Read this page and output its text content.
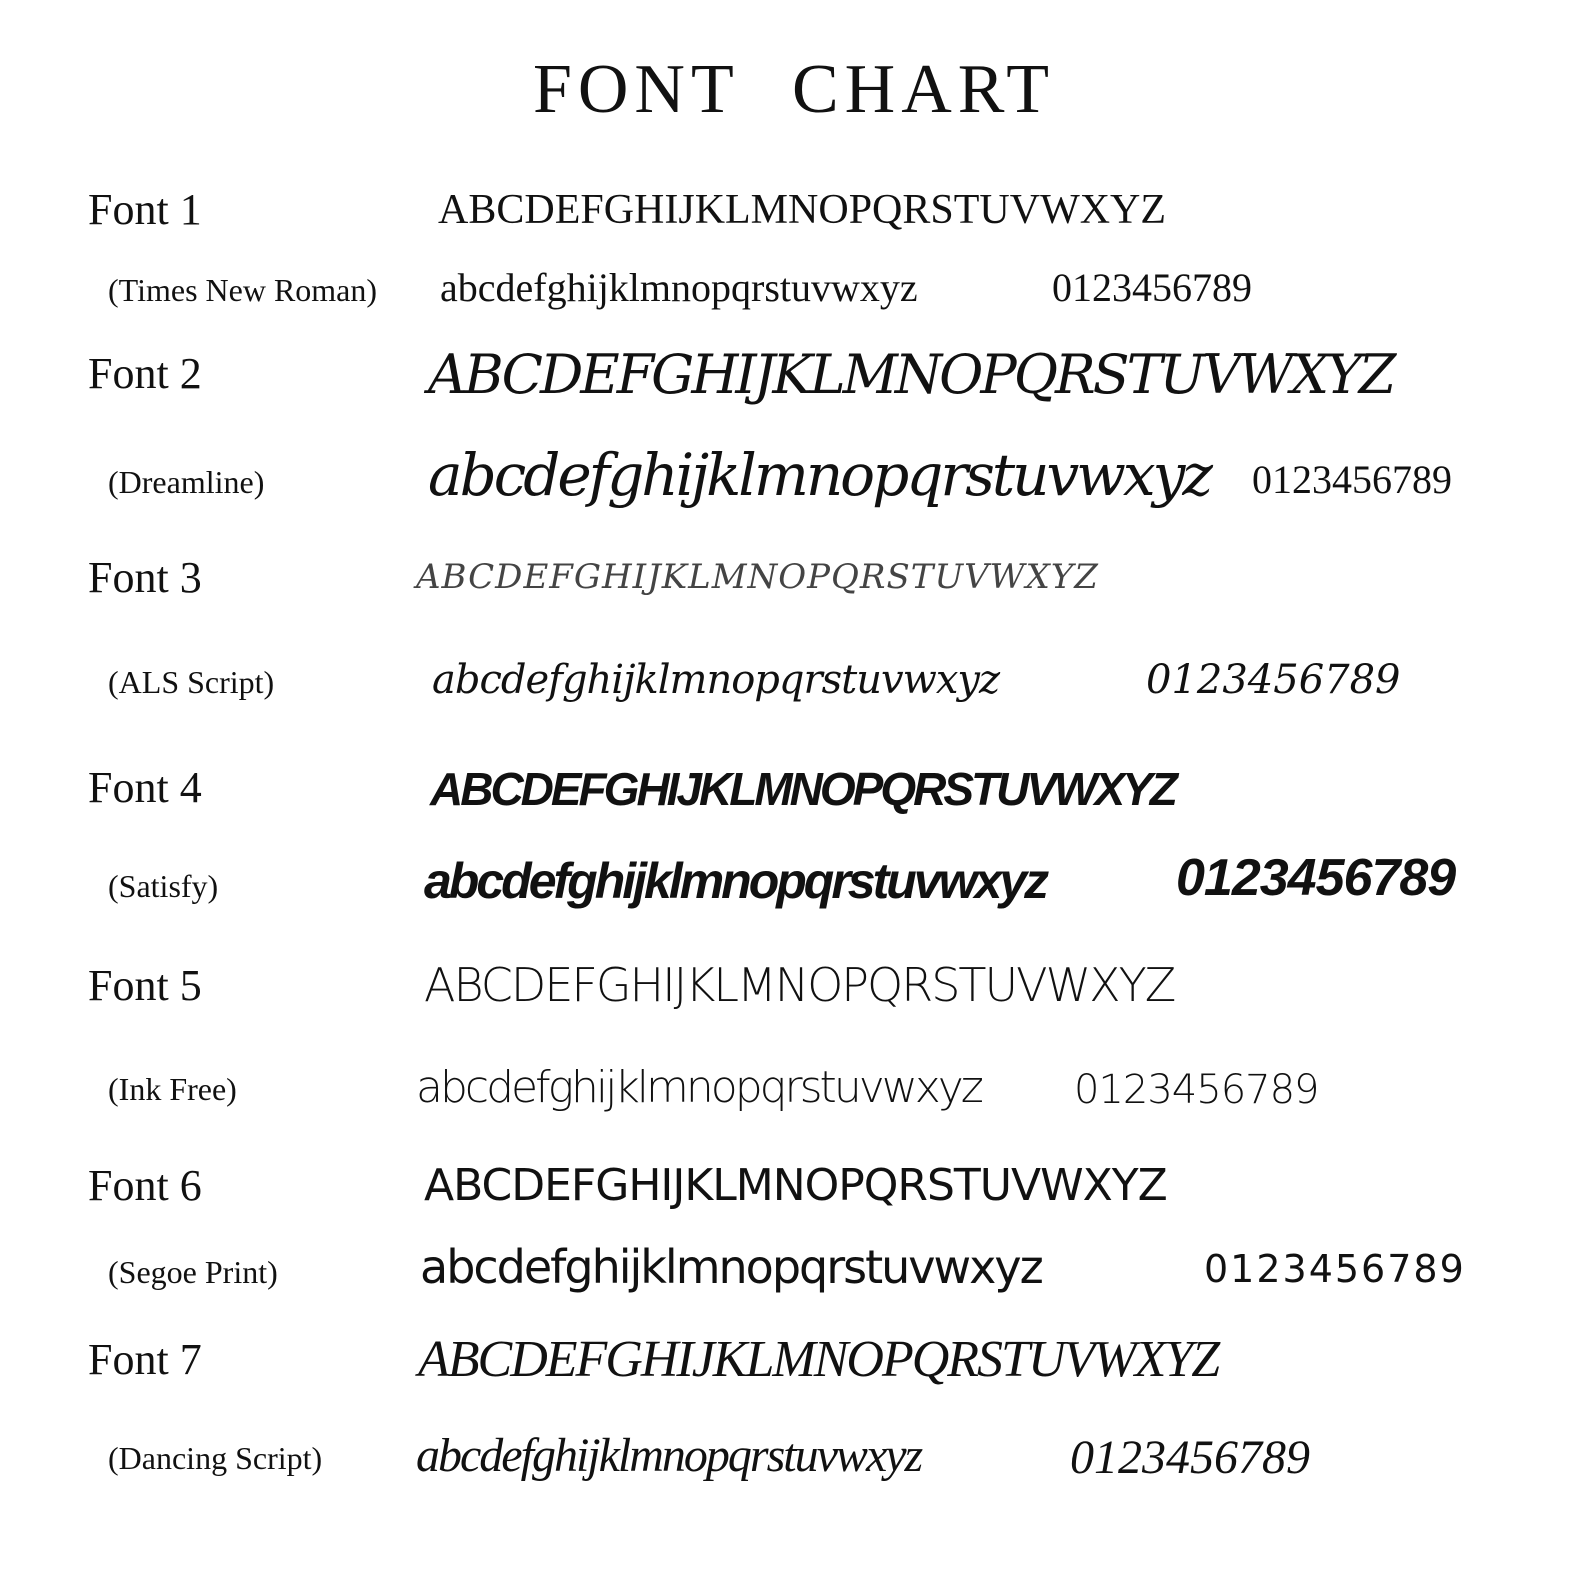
FONT CHART
Font 1
(Times New Roman)
ABCDEFGHIJKLMNOPQRSTUVWXYZ
abcdefghijklmnopqrstuvwxyz	0123456789
Font 2
(Dreamline)
ABCDEFGHIJKLMNOPQRSTUVWXYZ
abcdefghijklmnopqrstuvwxyz 0123456789
Font 3
(ALS Script)
ABCDEFGHIJKLMNOPQRSTUVWXYZ
abcdefghijklmnopqrstuvwxyz	0123456789
Font 4
(Satisfy)
ABCDEFGHIJKLMNOPQRSTUVWXYZ
abcdefghijklmnopqrstuvwxyz 0123456789
Font 5
(Ink Free)
ABCDEFGHIJKLMNOPQRSTUVWXYZ
abcdefghijklmnopqrstuvwxyz 0123456789
Font 6
(Segoe Print)
ABCDEFGHIJKLMNOPQRSTUVWXYZ
abcdefghijklmnopqrstuvwxyz	0123456789
Font 7
(Dancing Script)
ABCDEFGHIJKLMNOPQRSTUVWXYZ
abcdefghijklmnopqrstuvwxyz	0123456789
